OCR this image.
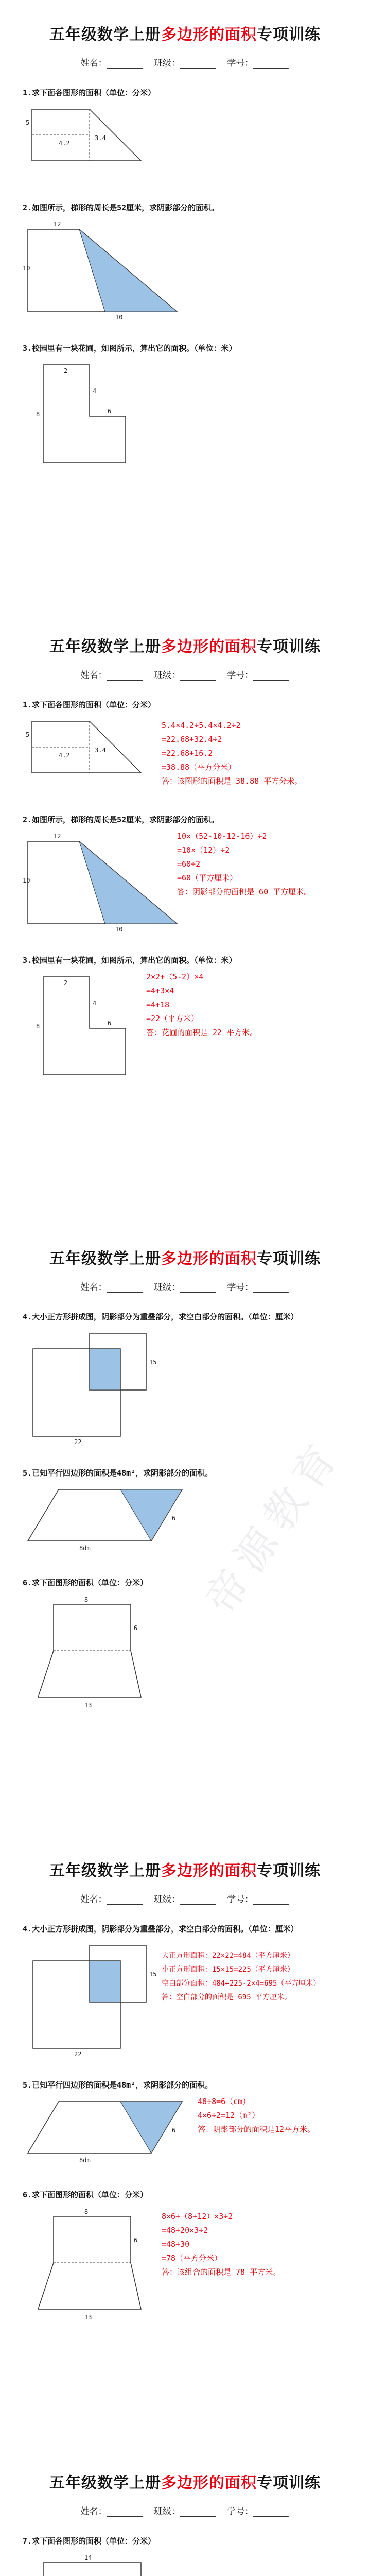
五年级数学上册多边形的面积专项训练
姓名：	班级：	学号：
1.求下面各图形的面积（单位：分米）
5
4.2
3.4
2.如图所示，梯形的周长是52厘米，求阴影部分的面积。
10
12
10
3.校园里有一块花圃，如图所示，算出它的面积。（单位：米）
8
2
4
6
五年级数学上册多边形的面积专项训练
姓名：	班级：	学号：
1.求下面各图形的面积（单位：分米）
5
4.2
3.4
5.4×4.2÷5.4×4.2÷2
=22.68+32.4÷2
=22.68+16.2
=38.88（平方分米）
答：该图形的面积是 38.88 平方分米。
2.如图所示，梯形的周长是52厘米，求阴影部分的面积。
10
12
10
10×（52-10-12-16）÷2
=10×（12）÷2
=60÷2
=60（平方厘米）
答：阴影部分的面积是 60 平方厘米。
3.校园里有一块花圃，如图所示，算出它的面积。（单位：米）
8
2
4
6
2×2+（5-2）×4
=4+3×4
=4+18
=22（平方米）
答：花圃的面积是 22 平方米。
五年级数学上册多边形的面积专项训练
姓名：	班级：	学号：
4.大小正方形拼成图，阴影部分为重叠部分，求空白部分的面积。（单位：厘米）
22
15
5.已知平行四边形的面积是48m²，求阴影部分的面积。
8dm
6
6.求下面图形的面积（单位：分米）
13
6
8
五年级数学上册多边形的面积专项训练
姓名：	班级：	学号：
4.大小正方形拼成图，阴影部分为重叠部分，求空白部分的面积。（单位：厘米）
22
15
大正方形面积：22×22=484（平方厘米）
小正方形面积：15×15=225（平方厘米）
空白部分面积：484+225-2×4=695（平方厘米）
答：空白部分的面积是 695 平方厘米。
5.已知平行四边形的面积是48m²，求阴影部分的面积。
8dm
6
48÷8=6（cm）
4×6÷2=12（m²）
答：阴影部分的面积是12平方米。
6.求下面图形的面积（单位：分米）
13
6
8	8×6+（8+12）×3÷2
=48+20×3÷2
=48+30
=78（平方分米）
答：该组合的面积是 78 平方米。
五年级数学上册多边形的面积专项训练
姓名：	班级：	学号：
7.求下面各图形的面积（单位：分米）
14

帝源教育
